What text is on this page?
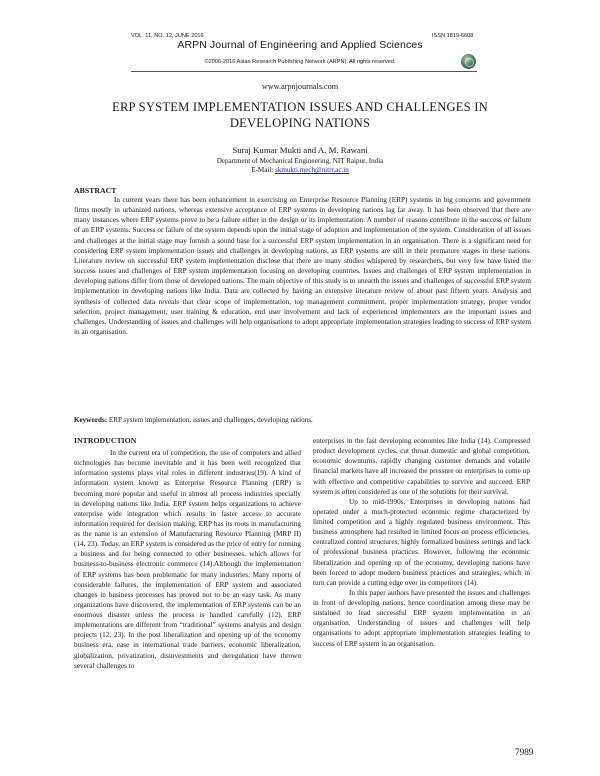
VOL. 11, NO. 12, JUNE 2016	ISSN 1819-6608
ARPN Journal of Engineering and Applied Sciences
©2006-2016 Asian Research Publishing Network (ARPN). All rights reserved.
www.arpnjournals.com
ERP SYSTEM IMPLEMENTATION ISSUES AND CHALLENGES IN DEVELOPING NATIONS
Suraj Kumar Mukti and A. M. Rawani
Department of Mechanical Engineering, NIT Raipur, India
E-Mail: skmukti.mech@nitrr.ac.in
ABSTRACT

In current years there has been enhancement in exercising on Enterprise Resource Planning (ERP) systems in big concerns and government firms mostly in urbanized nations, whereas extensive acceptance of ERP systems in developing nations lag far away. It has been observed that there are many instances where ERP systems prove to be a failure either in the design or its implementation. A number of reasons contribute in the success or failure of an ERP systems. Success or failure of the system depends upon the initial stage of adoption and implementation of the system. Consideration of all issues and challenges at the initial stage may furnish a sound base for a successful ERP system implementation in an organisation. There is a significant need for considering ERP system implementation issues and challenges in developing nations, as ERP systems are still in their premature stages in these nations. Literature review on successful ERP system implementation disclose that there are many studies whispered by researchers, but very few have listed the success issues and challenges of ERP system implementation focusing on developing countries. Issues and challenges of ERP system implementation in developing nations differ from those of developed nations. The main objective of this study is to unearth the issues and challenges of successful ERP system implementation in developing nations like India. Data are collected by having an extensive literature review of about past fifteen years. Analysis and synthesis of collected data reveals that clear scope of implementation, top management commitment, proper implementation strategy, proper vendor selection, project management, user training & education, end user involvement and lack of experienced implementers are the important issues and challenges. Understanding of issues and challenges will help organisations to adopt appropriate implementation strategies leading to success of ERP system in an organisation.

Keywords: ERP system implementation, issues and challenges, developing nations.
INTRODUCTION

In the current era of competition, the use of computers and allied technologies has become inevitable and it has been well recognized that information systems plays vital roles in different industries(19). A kind of information system known as Enterprise Resource Planning (ERP) is becoming more popular and useful in almost all process industries specially in developing nations like India. ERP system helps organizations to achieve enterprise wide integration which results in faster access to accurate information required for decision making. ERP has its roots in manufacturing as the name is an extension of Manufacturing Resource Planning (MRP II) (14, 23). Today, an ERP system is considered as the price of entry for running a business and for being connected to other businesses, which allows for business-to-business electronic commerce (14).Although the implementation of ERP systems has been problematic for many industries. Many reports of considerable failures, the implementation of ERP system and associated changes in business processes has proved not to be an easy task. As many organizations have discovered, the implementation of ERP systems can be an enormous disaster unless the process is handled carefully (12). ERP implementations are different from “traditional” systems analysis and design projects (12, 23). In the post liberalization and opening up of the economy business era, ease in international trade barriers, economic liberalization, globalization, privatization, disinvestments and deregulation have thrown several challenges to

enterprises in the fast developing economies like India (14). Compressed product development cycles, cut throat domestic and global competition, economic downturns, rapidly changing customer demands and volatile financial markets have all increased the pressure on enterprises to come up with effective and competitive capabilities to survive and succeed. ERP system is often considered as one of the solutions for their survival.

Up to mid-1990s, Enterprises in developing nations had operated under a much-protected economic regime characterized by limited competition and a highly regulated business environment. This business atmosphere had resulted in limited focus on process efficiencies, centralized control structures, highly formalized business settings and lack of professional business practices. However, following the economic liberalization and opening up of the economy, developing nations have been forced to adopt modern business practices and strategies, which in turn can provide a cutting edge over its competitors (14).

In this paper authors have presented the issues and challenges in front of developing nations, hence coordination among these may be sustained to lead successful ERP system implementation in an organisation. Understanding of issues and challenges will help organisations to adopt appropriate implementation strategies leading to success of ERP system in an organisation.

7989
